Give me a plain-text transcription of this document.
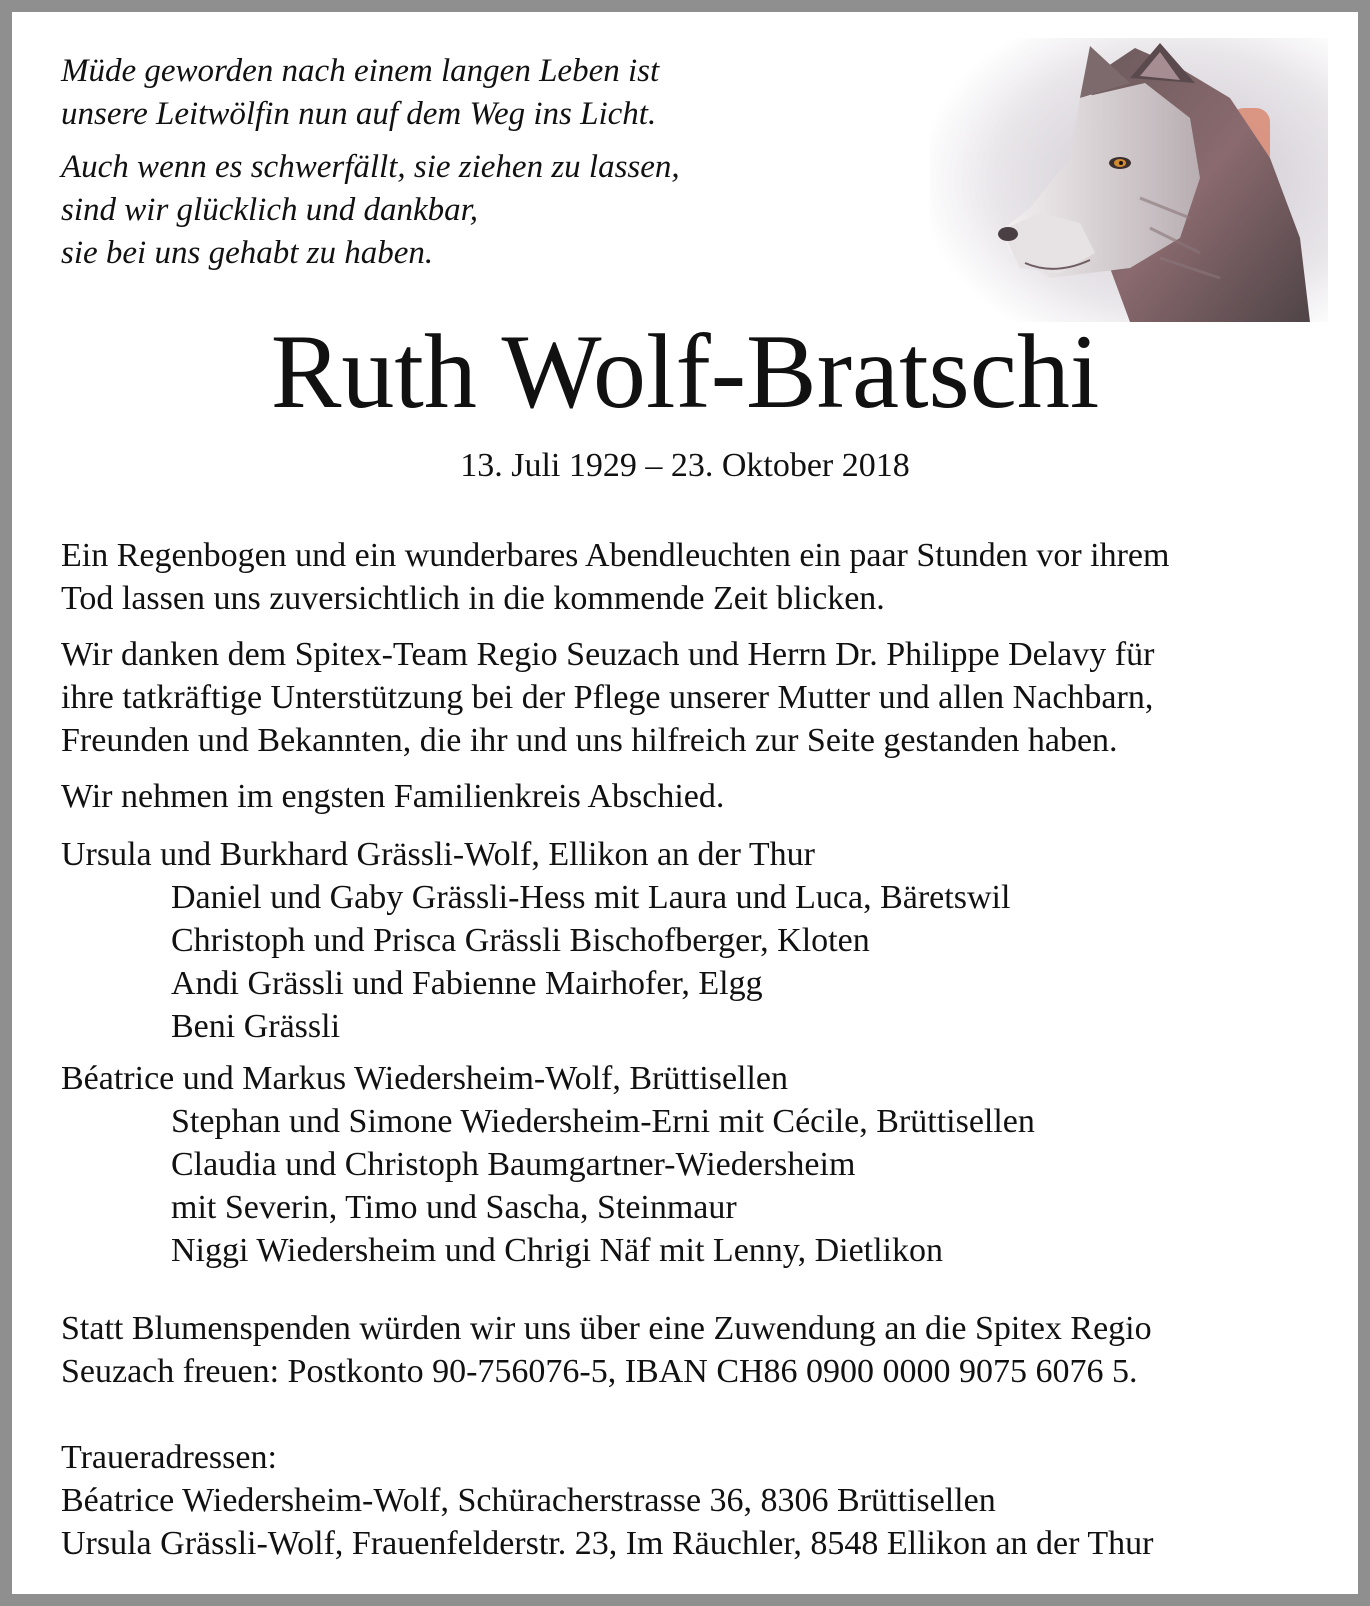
Müde geworden nach einem langen Leben ist
unsere Leitwölfin nun auf dem Weg ins Licht.

Auch wenn es schwerfällt, sie ziehen zu lassen,
sind wir glücklich und dankbar,
sie bei uns gehabt zu haben.

Ruth Wolf-Bratschi
13. Juli 1929 – 23. Oktober 2018

Ein Regenbogen und ein wunderbares Abendleuchten ein paar Stunden vor ihrem
Tod lassen uns zuversichtlich in die kommende Zeit blicken.

Wir danken dem Spitex-Team Regio Seuzach und Herrn Dr. Philippe Delavy für
ihre tatkräftige Unterstützung bei der Pflege unserer Mutter und allen Nachbarn,
Freunden und Bekannten, die ihr und uns hilfreich zur Seite gestanden haben.

Wir nehmen im engsten Familienkreis Abschied.

Ursula und Burkhard Grässli-Wolf, Ellikon an der Thur
Daniel und Gaby Grässli-Hess mit Laura und Luca, Bäretswil
Christoph und Prisca Grässli Bischofberger, Kloten
Andi Grässli und Fabienne Mairhofer, Elgg
Beni Grässli
Béatrice und Markus Wiedersheim-Wolf, Brüttisellen
Stephan und Simone Wiedersheim-Erni mit Cécile, Brüttisellen
Claudia und Christoph Baumgartner-Wiedersheim
mit Severin, Timo und Sascha, Steinmaur
Niggi Wiedersheim und Chrigi Näf mit Lenny, Dietlikon
Statt Blumenspenden würden wir uns über eine Zuwendung an die Spitex Regio
Seuzach freuen: Postkonto 90-756076-5, IBAN CH86 0900 0000 9075 6076 5.
Traueradressen:
Béatrice Wiedersheim-Wolf, Schüracherstrasse 36, 8306 Brüttisellen
Ursula Grässli-Wolf, Frauenfelderstr. 23, Im Räuchler, 8548 Ellikon an der Thur
